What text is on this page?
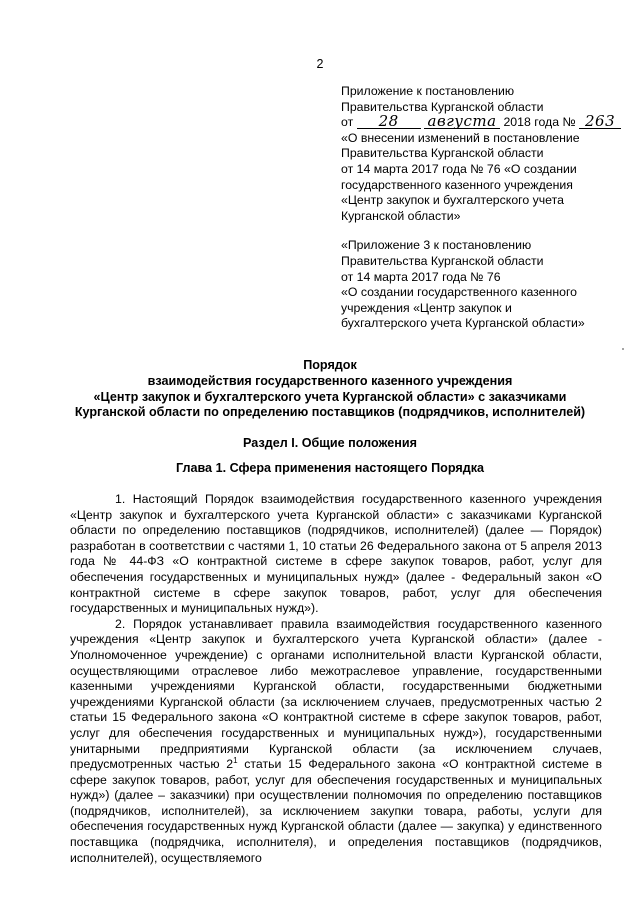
2
Приложение к постановлению
Правительства Курганской области
от 28 августа 2018 года № 263
«О внесении изменений в постановление
Правительства Курганской области
от 14 марта 2017 года № 76 «О создании
государственного казенного учреждения
«Центр закупок и бухгалтерского учета
Курганской области»
«Приложение 3 к постановлению
Правительства Курганской области
от 14 марта 2017 года № 76
«О создании государственного казенного
учреждения «Центр закупок и
бухгалтерского учета Курганской области»
Порядок
взаимодействия государственного казенного учреждения
«Центр закупок и бухгалтерского учета Курганской области» с заказчиками
Курганской области по определению поставщиков (подрядчиков, исполнителей)
Раздел I. Общие положения
Глава 1. Сфера применения настоящего Порядка

1. Настоящий Порядок взаимодействия государственного казенного учреждения «Центр закупок и бухгалтерского учета Курганской области» с заказчиками Курганской области по определению поставщиков (подрядчиков, исполнителей) (далее — Порядок) разработан в соответствии с частями 1, 10 статьи 26 Федерального закона от 5 апреля 2013 года № 44-ФЗ «О контрактной системе в сфере закупок товаров, работ, услуг для обеспечения государственных и муниципальных нужд» (далее - Федеральный закон «О контрактной системе в сфере закупок товаров, работ, услуг для обеспечения государственных и муниципальных нужд»).

2. Порядок устанавливает правила взаимодействия государственного казенного учреждения «Центр закупок и бухгалтерского учета Курганской области» (далее - Уполномоченное учреждение) с органами исполнительной власти Курганской области, осуществляющими отраслевое либо межотраслевое управление, государственными казенными учреждениями Курганской области, государственными бюджетными учреждениями Курганской области (за исключением случаев, предусмотренных частью 2 статьи 15 Федерального закона «О контрактной системе в сфере закупок товаров, работ, услуг для обеспечения государственных и муниципальных нужд»), государственными унитарными предприятиями Курганской области (за исключением случаев, предусмотренных частью $2^1$ статьи 15 Федерального закона «О контрактной системе в сфере закупок товаров, работ, услуг для обеспечения государственных и муниципальных нужд») (далее – заказчики) при осуществлении полномочия по определению поставщиков (подрядчиков, исполнителей), за исключением закупки товара, работы, услуги для обеспечения государственных нужд Курганской области (далее — закупка) у единственного поставщика (подрядчика, исполнителя), и определения поставщиков (подрядчиков, исполнителей), осуществляемого
